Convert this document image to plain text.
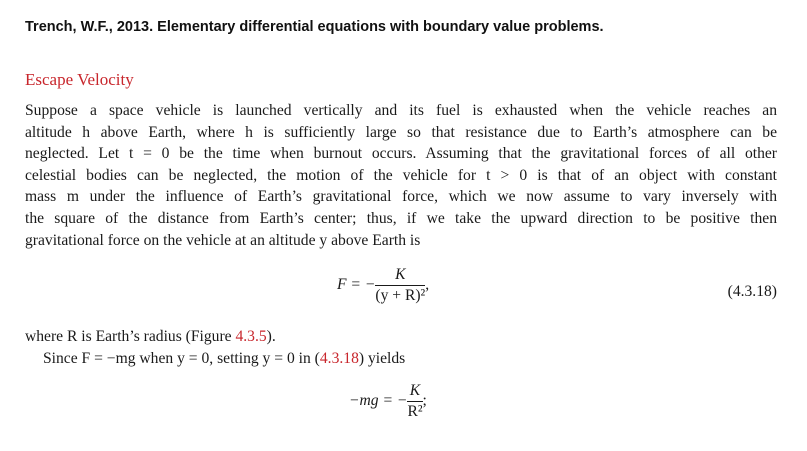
Trench, W.F., 2013. Elementary differential equations with boundary value problems.
Escape Velocity
Suppose a space vehicle is launched vertically and its fuel is exhausted when the vehicle reaches an
altitude h above Earth, where h is sufficiently large so that resistance due to Earth’s atmosphere can be
neglected. Let t = 0 be the time when burnout occurs. Assuming that the gravitational forces of all other
celestial bodies can be neglected, the motion of the vehicle for t > 0 is that of an object with constant
mass m under the influence of Earth’s gravitational force, which we now assume to vary inversely with
the square of the distance from Earth’s center; thus, if we take the upward direction to be positive then
gravitational force on the vehicle at an altitude y above Earth is
F = − $\frac{K}{\text{(y + R)²}}$ ,	(4.3.18)

where R is Earth’s radius (Figure 4.3.5).

Since F = −mg when y = 0, setting y = 0 in (4.3.18) yields

−mg = − $\frac{K}{\text{R²}}$ ;
